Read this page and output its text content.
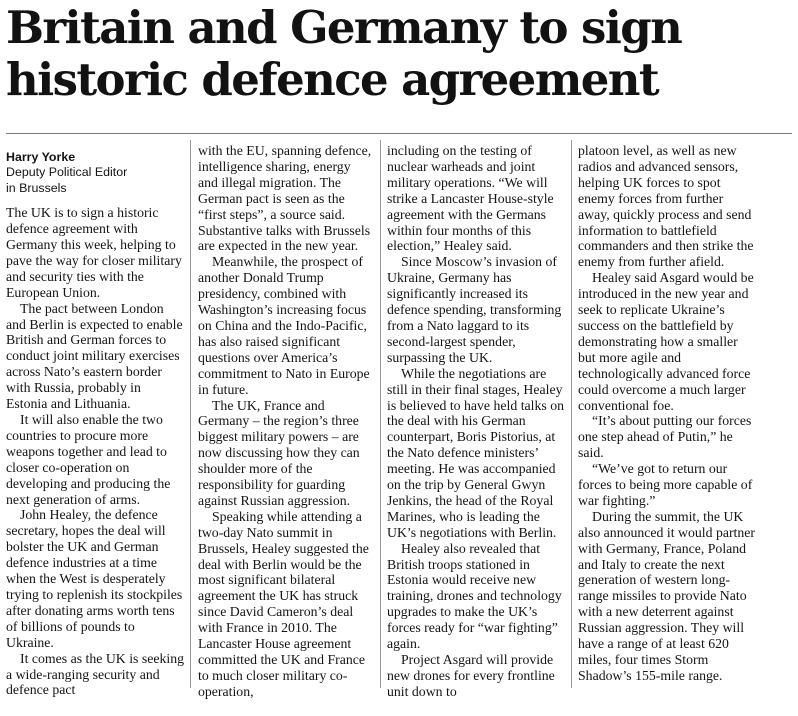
Britain and Germany to sign historic defence agreement
Harry Yorke
Deputy Political Editor
in Brussels

The UK is to sign a historic defence agreement with Germany this week, helping to pave the way for closer military and security ties with the European Union.

The pact between London and Berlin is expected to enable British and German forces to conduct joint military exercises across Nato’s eastern border with Russia, probably in Estonia and Lithuania.

It will also enable the two countries to procure more weapons together and lead to closer co-operation on developing and producing the next generation of arms.

John Healey, the defence secretary, hopes the deal will bolster the UK and German defence industries at a time when the West is desperately trying to replenish its stockpiles after donating arms worth tens of billions of pounds to Ukraine.

It comes as the UK is seeking a wide-ranging security and defence pact

with the EU, spanning defence, intelligence sharing, energy and illegal migration. The German pact is seen as the “first steps”, a source said. Substantive talks with Brussels are expected in the new year.

Meanwhile, the prospect of another Donald Trump presidency, combined with Washington’s increasing focus on China and the Indo-Pacific, has also raised significant questions over America’s commitment to Nato in Europe in future.

The UK, France and Germany – the region’s three biggest military powers – are now discussing how they can shoulder more of the responsibility for guarding against Russian aggression.

Speaking while attending a two-day Nato summit in Brussels, Healey suggested the deal with Berlin would be the most significant bilateral agreement the UK has struck since David Cameron’s deal with France in 2010. The Lancaster House agreement committed the UK and France to much closer military co-operation,

including on the testing of nuclear warheads and joint military operations. “We will strike a Lancaster House-style agreement with the Germans within four months of this election,” Healey said.

Since Moscow’s invasion of Ukraine, Germany has significantly increased its defence spending, transforming from a Nato laggard to its second-largest spender, surpassing the UK.

While the negotiations are still in their final stages, Healey is believed to have held talks on the deal with his German counterpart, Boris Pistorius, at the Nato defence ministers’ meeting. He was accompanied on the trip by General Gwyn Jenkins, the head of the Royal Marines, who is leading the UK’s negotiations with Berlin.

Healey also revealed that British troops stationed in Estonia would receive new training, drones and technology upgrades to make the UK’s forces ready for “war fighting” again.

Project Asgard will provide new drones for every frontline unit down to

platoon level, as well as new radios and advanced sensors, helping UK forces to spot enemy forces from further away, quickly process and send information to battlefield commanders and then strike the enemy from further afield.

Healey said Asgard would be introduced in the new year and seek to replicate Ukraine’s success on the battlefield by demonstrating how a smaller but more agile and technologically advanced force could overcome a much larger conventional foe.

“It’s about putting our forces one step ahead of Putin,” he said.

“We’ve got to return our forces to being more capable of war fighting.”

During the summit, the UK also announced it would partner with Germany, France, Poland and Italy to create the next generation of western long-range missiles to provide Nato with a new deterrent against Russian aggression. They will have a range of at least 620 miles, four times Storm Shadow’s 155-mile range.
